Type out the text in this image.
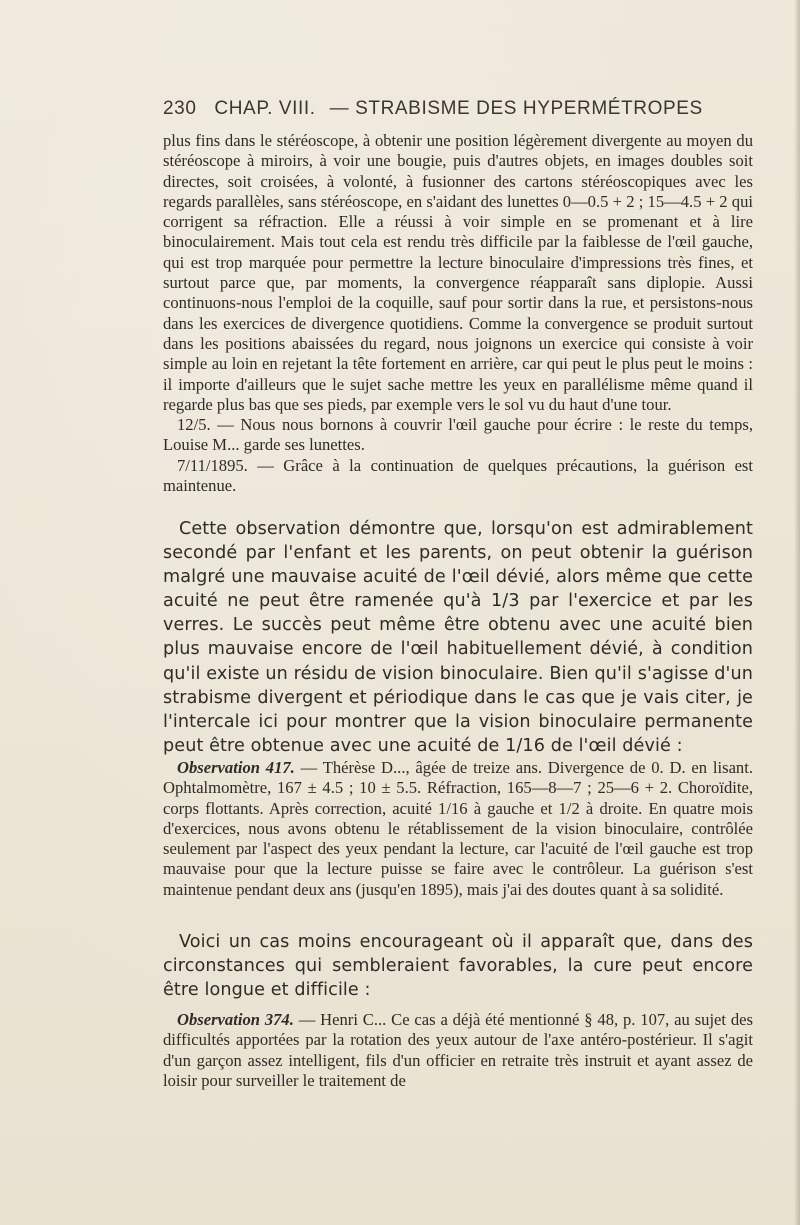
230 CHAP. VIII. — STRABISME DES HYPERMÉTROPES

plus fins dans le stéréoscope, à obtenir une position légèrement divergente au moyen du stéréoscope à miroirs, à voir une bougie, puis d'autres objets, en images doubles soit directes, soit croisées, à volonté, à fusionner des cartons stéréoscopiques avec les regards parallèles, sans stéréoscope, en s'aidant des lunettes 0—0.5 + 2 ; 15—4.5 + 2 qui corrigent sa réfraction. Elle a réussi à voir simple en se promenant et à lire binoculairement. Mais tout cela est rendu très difficile par la faiblesse de l'œil gauche, qui est trop marquée pour permettre la lecture binoculaire d'impressions très fines, et surtout parce que, par moments, la convergence réapparaît sans diplopie. Aussi continuons-nous l'emploi de la coquille, sauf pour sortir dans la rue, et persistons-nous dans les exercices de divergence quotidiens. Comme la convergence se produit surtout dans les positions abaissées du regard, nous joignons un exercice qui consiste à voir simple au loin en rejetant la tête fortement en arrière, car qui peut le plus peut le moins : il importe d'ailleurs que le sujet sache mettre les yeux en parallélisme même quand il regarde plus bas que ses pieds, par exemple vers le sol vu du haut d'une tour.

12/5. — Nous nous bornons à couvrir l'œil gauche pour écrire : le reste du temps, Louise M... garde ses lunettes.

7/11/1895. — Grâce à la continuation de quelques précautions, la guérison est maintenue.

Cette observation démontre que, lorsqu'on est admirablement secondé par l'enfant et les parents, on peut obtenir la guérison malgré une mauvaise acuité de l'œil dévié, alors même que cette acuité ne peut être ramenée qu'à 1/3 par l'exercice et par les verres. Le succès peut même être obtenu avec une acuité bien plus mauvaise encore de l'œil habituellement dévié, à condition qu'il existe un résidu de vision binoculaire. Bien qu'il s'agisse d'un strabisme divergent et périodique dans le cas que je vais citer, je l'intercale ici pour montrer que la vision binoculaire permanente peut être obtenue avec une acuité de 1/16 de l'œil dévié :

Observation 417. — Thérèse D..., âgée de treize ans. Divergence de 0. D. en lisant. Ophtalmomètre, 167 ± 4.5 ; 10 ± 5.5. Réfraction, 165—8—7 ; 25—6 + 2. Choroïdite, corps flottants. Après correction, acuité 1/16 à gauche et 1/2 à droite. En quatre mois d'exercices, nous avons obtenu le rétablissement de la vision binoculaire, contrôlée seulement par l'aspect des yeux pendant la lecture, car l'acuité de l'œil gauche est trop mauvaise pour que la lecture puisse se faire avec le contrôleur. La guérison s'est maintenue pendant deux ans (jusqu'en 1895), mais j'ai des doutes quant à sa solidité.

Voici un cas moins encourageant où il apparaît que, dans des circonstances qui sembleraient favorables, la cure peut encore être longue et difficile :

Observation 374. — Henri C... Ce cas a déjà été mentionné § 48, p. 107, au sujet des difficultés apportées par la rotation des yeux autour de l'axe antéro-postérieur. Il s'agit d'un garçon assez intelligent, fils d'un officier en retraite très instruit et ayant assez de loisir pour surveiller le traitement de
